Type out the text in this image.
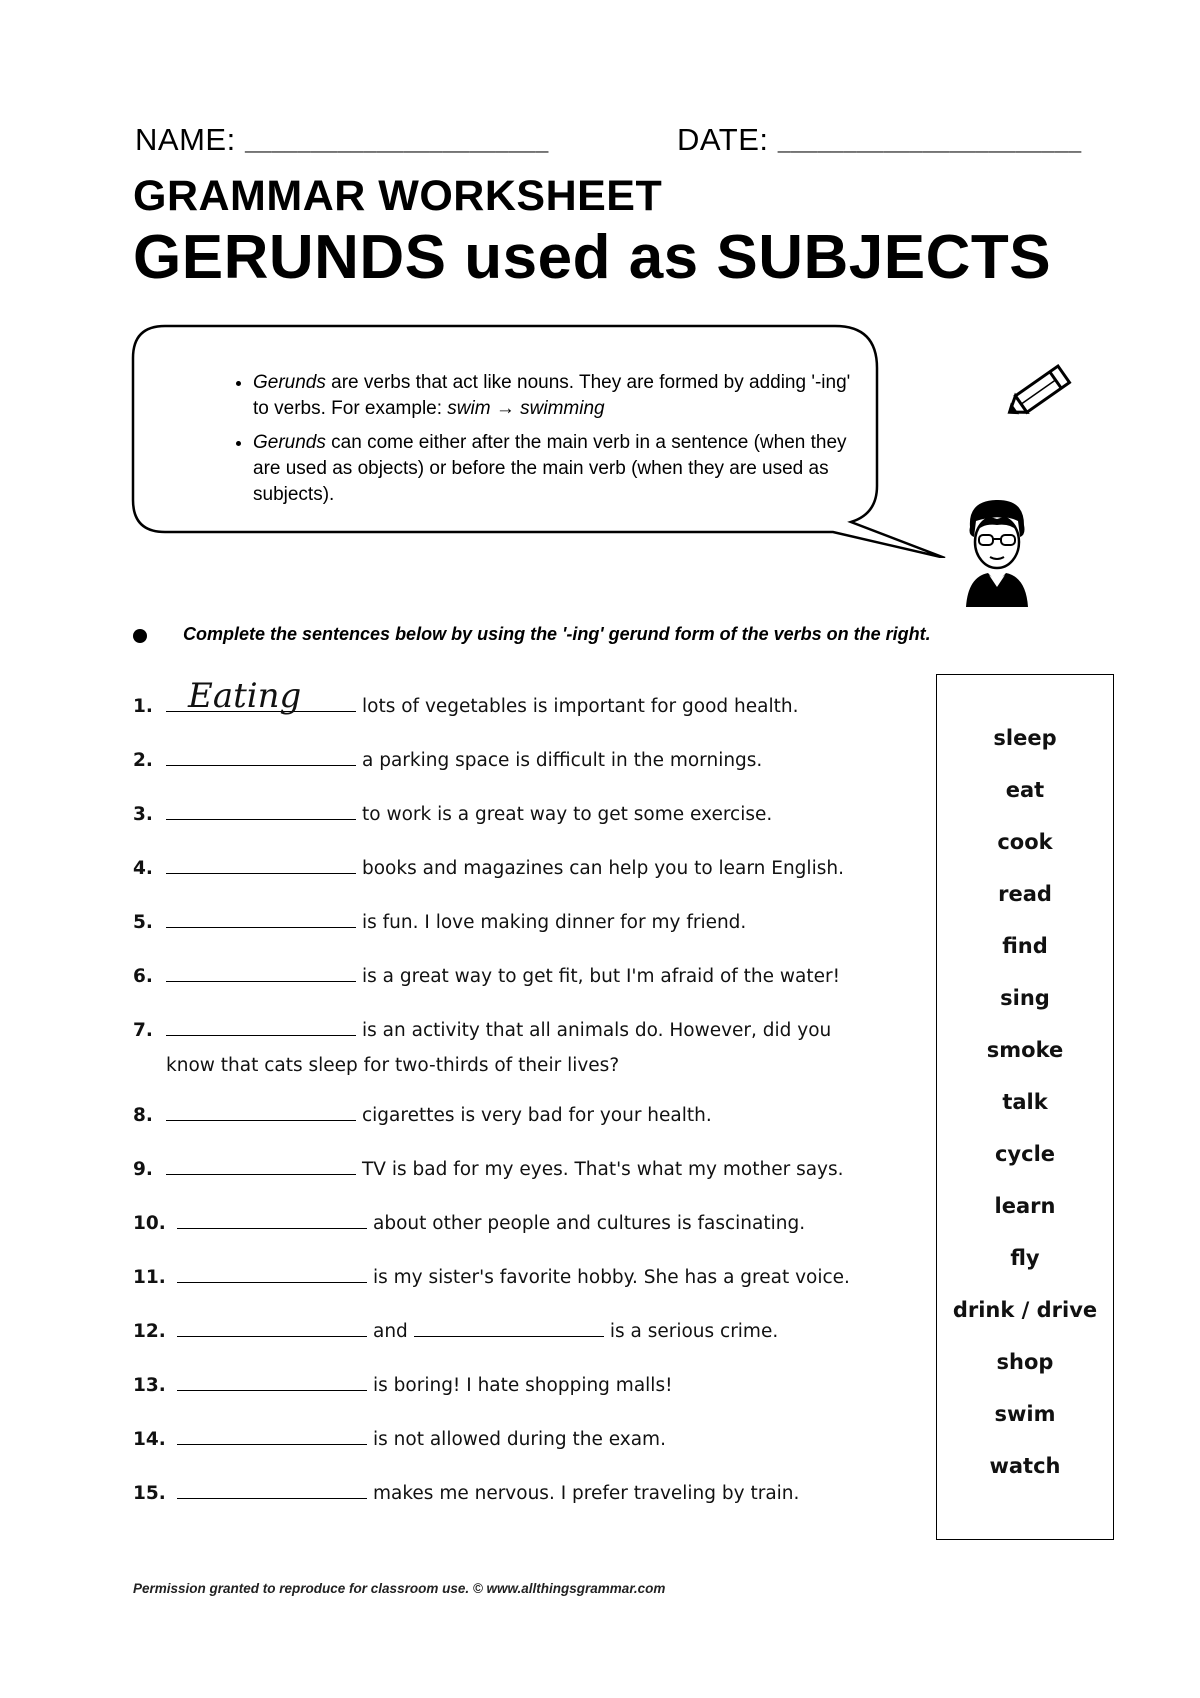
NAME: _______________________	DATE: _______________________
GRAMMAR WORKSHEET
GERUNDS used as SUBJECTS
• Gerunds are verbs that act like nouns. They are formed by adding '-ing' to verbs. For example: swim → swimming
• Gerunds can come either after the main verb in a sentence (when they are used as objects) or before the main verb (when they are used as subjects).
Complete the sentences below by using the '-ing' gerund form of the verbs on the right.
1. Eating	lots of vegetables is important for good health.
2.	a parking space is difficult in the mornings.
3.	to work is a great way to get some exercise.
4.	books and magazines can help you to learn English.
5.	is fun. I love making dinner for my friend.
6.	is a great way to get fit, but I'm afraid of the water!
7.	is an activity that all animals do. However, did you
know that cats sleep for two-thirds of their lives?
8.	cigarettes is very bad for your health.
9.	TV is bad for my eyes. That's what my mother says.
10.	about other people and cultures is fascinating.
11.	is my sister's favorite hobby. She has a great voice.
12.	and	is a serious crime.
13.	is boring! I hate shopping malls!
14.	is not allowed during the exam.
15.	makes me nervous. I prefer traveling by train.
sleep
eat
cook
read
find
sing
smoke
talk
cycle
learn
fly
drink / drive
shop
swim
watch
Permission granted to reproduce for classroom use. © www.allthingsgrammar.com
